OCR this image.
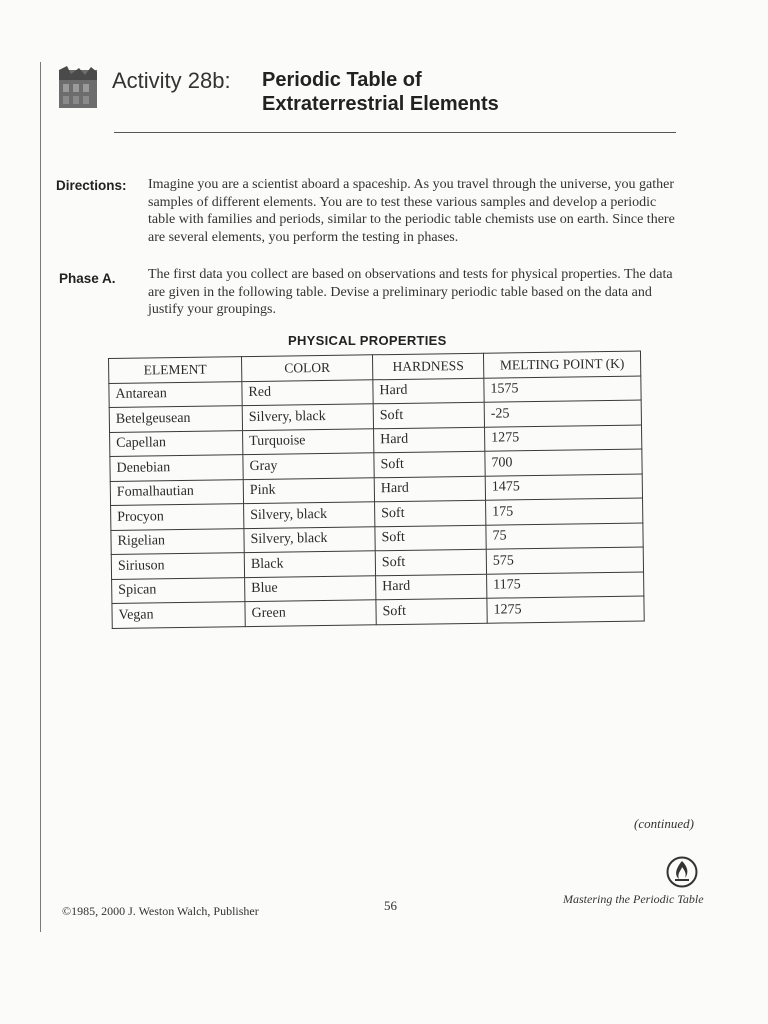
Activity 28b: Periodic Table of
Extraterrestrial Elements
Directions: Imagine you are a scientist aboard a spaceship. As you travel through the universe, you gather samples of different elements. You are to test these various samples and develop a periodic table with families and periods, similar to the periodic table chemists use on earth. Since there are several elements, you perform the testing in phases.
Phase A. The first data you collect are based on observations and tests for physical properties. The data are given in the following table. Devise a preliminary periodic table based on the data and justify your groupings.
PHYSICAL PROPERTIES
ELEMENT	COLOR	HARDNESS	MELTING POINT (K)
Antarean	Red	Hard	1575
Betelgeusean	Silvery, black	Soft	-25
Capellan	Turquoise	Hard	1275
Denebian	Gray	Soft	700
Fomalhautian	Pink	Hard	1475
Procyon	Silvery, black	Soft	175
Rigelian	Silvery, black	Soft	75
Siriuson	Black	Soft	575
Spican	Blue	Hard	1175
Vegan	Green	Soft	1275
(continued)
©1985, 2000 J. Weston Walch, Publisher	56	Mastering the Periodic Table
